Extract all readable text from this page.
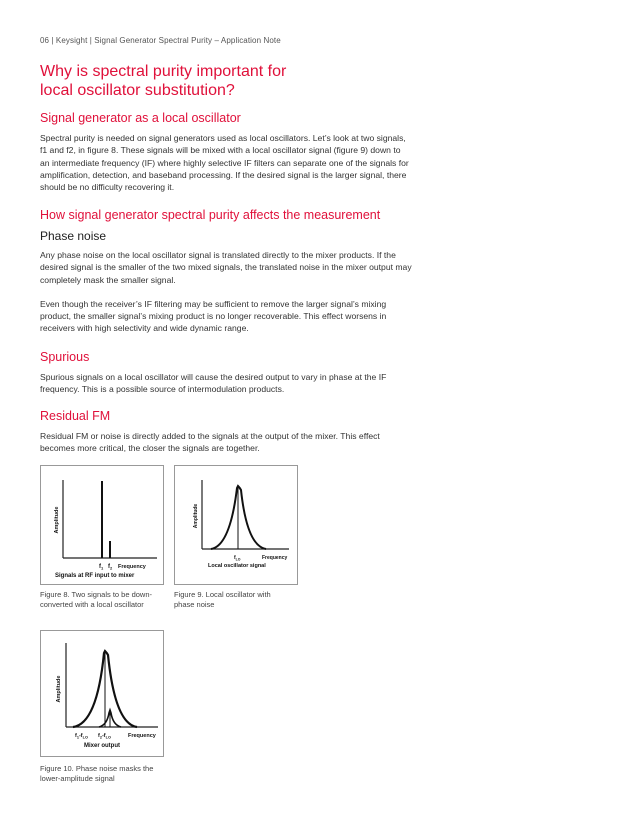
06 | Keysight | Signal Generator Spectral Purity – Application Note
Why is spectral purity important for
local oscillator substitution?
Signal generator as a local oscillator

Spectral purity is needed on signal generators used as local oscillators. Let’s look at two signals, f1 and f2, in figure 8. These signals will be mixed with a local oscillator signal (figure 9) down to an intermediate frequency (IF) where highly selective IF filters can separate one of the signals for amplification, detection, and baseband processing. If the desired signal is the larger signal, there should be no difficulty recovering it.

How signal generator spectral purity affects the measurement
Phase noise

Any phase noise on the local oscillator signal is translated directly to the mixer products. If the desired signal is the smaller of the two mixed signals, the translated noise in the mixer output may completely mask the smaller signal.

Even though the receiver’s IF filtering may be sufficient to remove the larger signal’s mixing product, the smaller signal’s mixing product is no longer recoverable. This effect worsens in receivers with high selectivity and wide dynamic range.

Spurious

Spurious signals on a local oscillator will cause the desired output to vary in phase at the IF frequency. This is a possible source of intermodulation products.

Residual FM

Residual FM or noise is directly added to the signals at the output of the mixer. This effect becomes more critical, the closer the signals are together.

Amplitude
$f_1$ $f_2$ Frequency
Signals at RF input to mixer
Figure 8. Two signals to be down-converted with a local oscillator
Amplitude
$f_{LO}$	Frequency
Local oscillator signal
Figure 9. Local oscillator with phase noise
Amplitude
$f_1-f_{LO}$ $f_2-f_{LO}$	Frequency
Mixer output
Figure 10. Phase noise masks the lower-amplitude signal
